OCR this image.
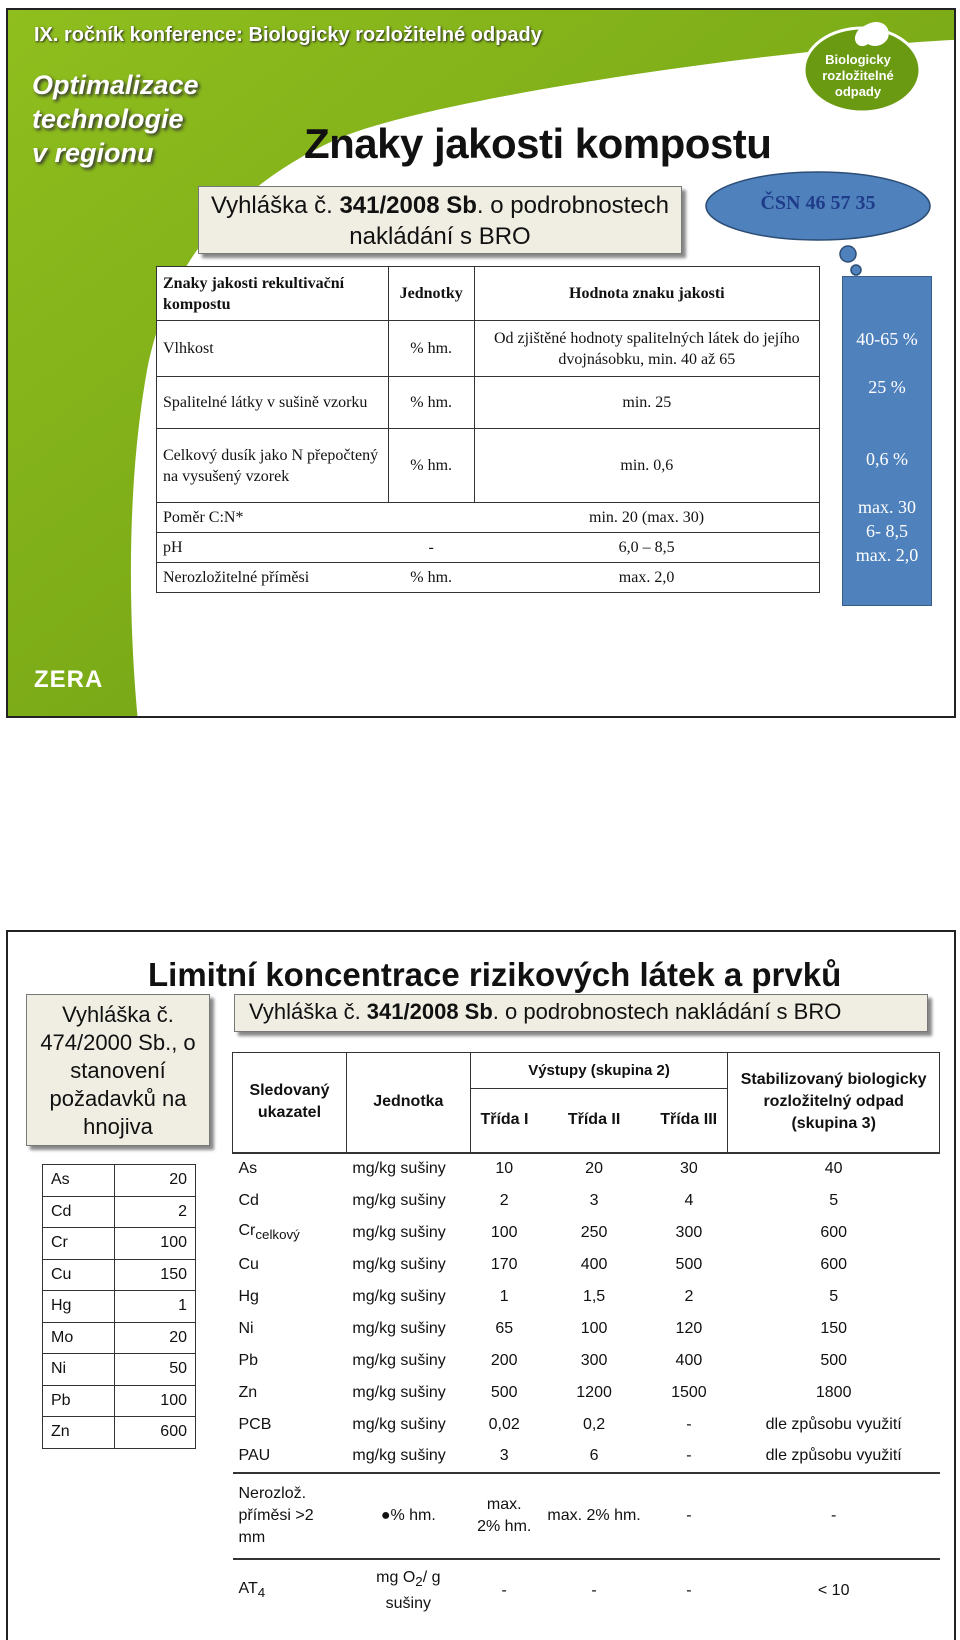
IX. ročník konference: Biologicky rozložitelné odpady
Optimalizace
technologie
v regionu
Biologicky
rozložitelné
odpady
Znaky jakosti kompostu
Vyhláška č. 341/2008 Sb. o podrobnostech
nakládání s BRO
ČSN 46 57 35
Znaky jakosti rekultivační kompostu	Jednotky	Hodnota znaku jakosti
Vlhkost	% hm.	Od zjištěné hodnoty spalitelných látek do jejího dvojnásobku, min. 40 až 65
Spalitelné látky v sušině vzorku	% hm.	min. 25
Celkový dusík jako N přepočtený na vysušený vzorek	% hm.	min. 0,6
Poměr C:N*		min. 20 (max. 30)
pH	-	6,0 – 8,5
Nerozložitelné příměsi	% hm.	max. 2,0
40-65 %
25 %
0,6 %
max. 30
6- 8,5
max. 2,0
ZERA
Limitní koncentrace rizikových látek a prvků
Vyhláška č.
474/2000 Sb., o
stanovení
požadavků na
hnojiva
Vyhláška č. 341/2008 Sb. o podrobnostech nakládání s BRO
As	20
Cd	2
Cr	100
Cu	150
Hg	1
Mo	20
Ni	50
Pb	100
Zn	600
Sledovaný ukazatel	Jednotka	Výstupy (skupina 2)			Stabilizovaný biologicky rozložitelný odpad (skupina 3)
		Třída I	Třída II	Třída III	
As	mg/kg sušiny	10	20	30	40
Cd	mg/kg sušiny	2	3	4	5
$Cr_{celkový}$	mg/kg sušiny	100	250	300	600
Cu	mg/kg sušiny	170	400	500	600
Hg	mg/kg sušiny	1	1,5	2	5
Ni	mg/kg sušiny	65	100	120	150
Pb	mg/kg sušiny	200	300	400	500
Zn	mg/kg sušiny	500	1200	1500	1800
PCB	mg/kg sušiny	0,02	0,2	-	dle způsobu využití
PAU	mg/kg sušiny	3	6	-	dle způsobu využití
Nerozlož. příměsi >2 mm	●% hm.	max. 2% hm.	max. 2% hm.	-	-
$AT_4$	mg $O_2/$ g sušiny	-	-	-	< 10
